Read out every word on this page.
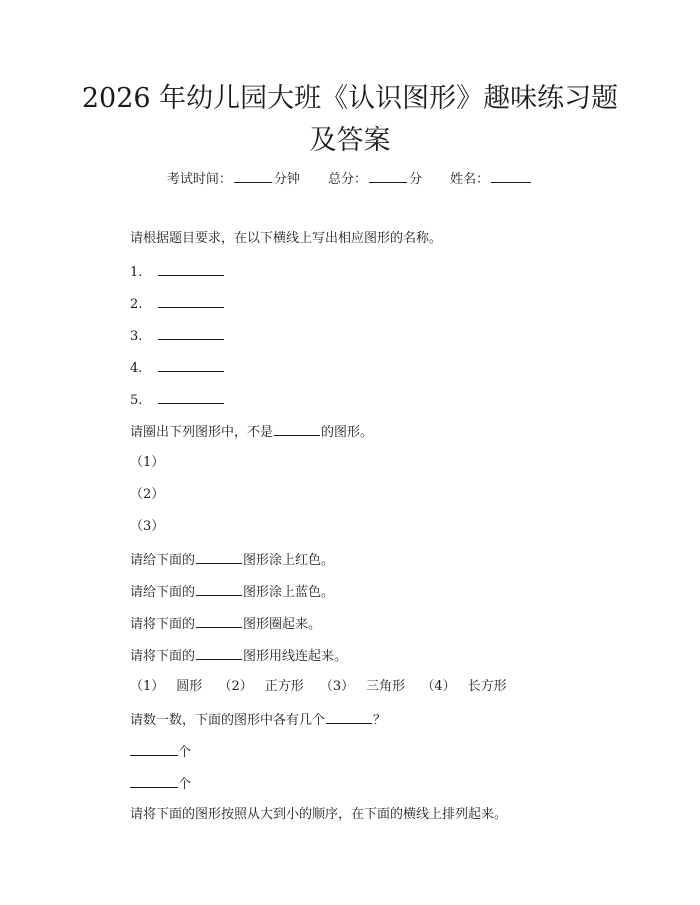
2026 年幼儿园大班《认识图形》趣味练习题
及答案
考试时间：	分钟 总分：	分 姓名：
请根据题目要求，在以下横线上写出相应图形的名称。
1.
2.
3.
4.
5.
请圈出下列图形中，不是	的图形。
（1）
（2）
（3）
请给下面的	图形涂上红色。
请给下面的	图形涂上蓝色。
请将下面的	图形圈起来。
请将下面的	图形用线连起来。
（1） 圆形 （2） 正方形 （3） 三角形 （4） 长方形
请数一数，下面的图形中各有几个	？
个
个
请将下面的图形按照从大到小的顺序，在下面的横线上排列起来。
